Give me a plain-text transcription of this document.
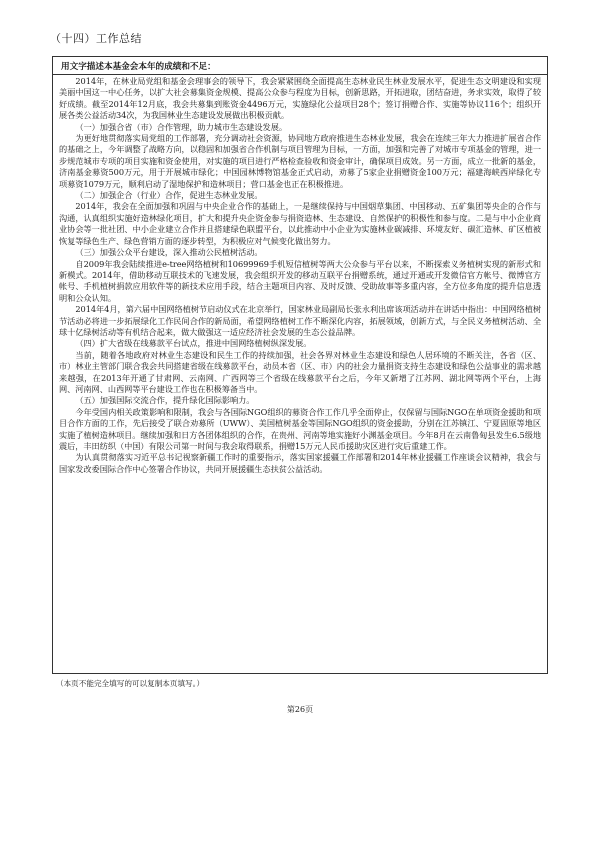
（十四）工作总结
用文字描述本基金会本年的成绩和不足：

2014年，在林业局党组和基金会理事会的领导下，我会紧紧围绕全面提高生态林业民生林业发展水平，促进生态文明建设和实现美丽中国这一中心任务，以扩大社会募集资金规模、提高公众参与程度为目标，创新思路，开拓进取，团结奋进，务求实效，取得了较好成绩。截至2014年12月底，我会共募集到账资金4496万元，实施绿化公益项目28个；签订捐赠合作、实施等协议116个；组织开展各类公益活动34次，为我国林业生态建设发展做出积极贡献。

（一）加强合省（市）合作管理，助力城市生态建设发展。

为更好地贯彻落实局党组的工作部署，充分调动社会资源，协同地方政府推进生态林业发展，我会在连续三年大力推进扩展省合作的基础之上，今年调整了战略方向，以稳固和加强省合作机制与项目管理为目标，一方面，加强和完善了对城市专项基金的管理，进一步规范城市专项的项目实施和资金使用，对实施的项目进行严格检查验收和资金审计，确保项目成效。另一方面，成立一批新的基金，济南基金募资500万元，用于开展城市绿化；中国园林博物馆基金正式启动，劝募了5家企业捐赠资金100万元；福建海峡西岸绿化专项募资1079万元，顺利启动了湿地保护和造林项目；营口基金也正在积极推进。

（二）加强企合（行业）合作，促进生态林业发展。

2014年，我会在全面加强和巩固与中央企业合作的基础上，一是继续保持与中国烟草集团、中国移动、五矿集团等央企的合作与沟通，认真组织实施好造林绿化项目，扩大和提升央企资金参与捐资造林、生态建设、自然保护的积极性和参与度。二是与中小企业商业协会等一批社团、中小企业建立合作并且搭建绿色联盟平台，以此推动中小企业为实施林业碳减排、环境友好、碳汇造林、矿区植被恢复等绿色生产、绿色营销方面的逐步转型，为积极应对气候变化做出努力。

（三）加强公众平台建设，深入推动公民植树活动。

自2009年我会陆续推进e-tree网络植树和10699969手机短信植树等两大公众参与平台以来，不断探索义务植树实现的新形式和新模式。2014年，借助移动互联技术的飞速发展，我会组织开发的移动互联平台捐赠系统，通过开通或开发微信官方帐号、微博官方帐号、手机植树捐款应用软件等的新技术应用手段，结合主题项目内容、及时反馈、受助故事等多重内容，全方位多角度的提升信息透明和公众认知。

2014年4月，第六届中国网络植树节启动仪式在北京举行，国家林业局副局长张永利出席该项活动并在讲话中指出：中国网络植树节活动必将进一步拓展绿化工作民间合作的新局面，希望网络植树工作不断深化内容，拓展领域，创新方式，与全民义务植树活动、全球十亿绿树活动等有机结合起来，做大做强这一适应经济社会发展的生态公益品牌。

（四）扩大省级在线募款平台试点，推进中国网络植树纵深发展。

当前，随着各地政府对林业生态建设和民生工作的持续加强，社会各界对林业生态建设和绿色人居环境的不断关注，各省（区、市）林业主管部门联合我会共同搭建省级在线募款平台，动员本省（区、市）内的社会力量捐资支持生态建设和绿色公益事业的需求越来越强，在2013年开通了甘肃网、云南网、广西网等三个省级在线募款平台之后，今年又新增了江苏网、湖北网等两个平台，上海网、河南网、山西网等平台建设工作也在积极筹备当中。

（五）加强国际交流合作，提升绿化国际影响力。

今年受国内相关政策影响和限制，我会与各国际NGO组织的募资合作工作几乎全面停止，仅保留与国际NGO在单项资金援助和项目合作方面的工作，先后接受了联合劝募所（UWW）、美国植树基金等国际NGO组织的资金援助，分别在江苏镇江、宁夏固原等地区实施了植树造林项目。继续加强和日方各团体组织的合作，在贵州、河南等地实施好小渊基金项目。今年8月在云南鲁甸县发生6.5级地震后，丰田纺织（中国）有限公司第一时间与我会取得联系，捐赠15万元人民币援助灾区进行灾后重建工作。

为认真贯彻落实习近平总书记视察新疆工作时的重要指示，落实国家援疆工作部署和2014年林业援疆工作座谈会议精神，我会与国家发改委国际合作中心签署合作协议，共同开展援疆生态扶贫公益活动。

（本页不能完全填写的可以复制本页填写。）
第26页
